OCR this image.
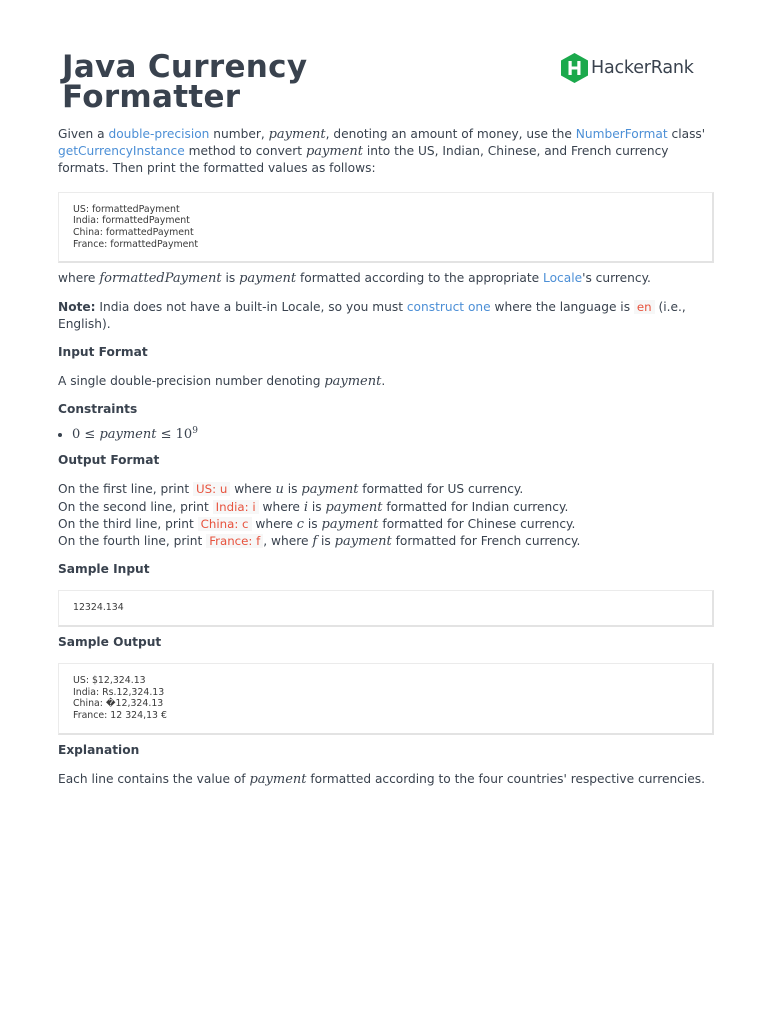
Java Currency
Formatter
HackerRank

Given a double-precision number, payment, denoting an amount of money, use the NumberFormat class'
getCurrencyInstance method to convert payment into the US, Indian, Chinese, and French currency
formats. Then print the formatted values as follows:

US: formattedPayment
India: formattedPayment
China: formattedPayment
France: formattedPayment

where formattedPayment is payment formatted according to the appropriate Locale's currency.

Note: India does not have a built-in Locale, so you must construct one where the language is en (i.e.,
English).

Input Format

A single double-precision number denoting payment.

Constraints
• 0 ≤ payment ≤ $10^9$
Output Format

On the first line, print US: u where u is payment formatted for US currency.
On the second line, print India: i where i is payment formatted for Indian currency.
On the third line, print China: c where c is payment formatted for Chinese currency.
On the fourth line, print France: f , where f is payment formatted for French currency.

Sample Input
12324.134
Sample Output
US: $12,324.13
India: Rs.12,324.13
China: �12,324.13
France: 12 324,13 €
Explanation

Each line contains the value of payment formatted according to the four countries' respective currencies.
